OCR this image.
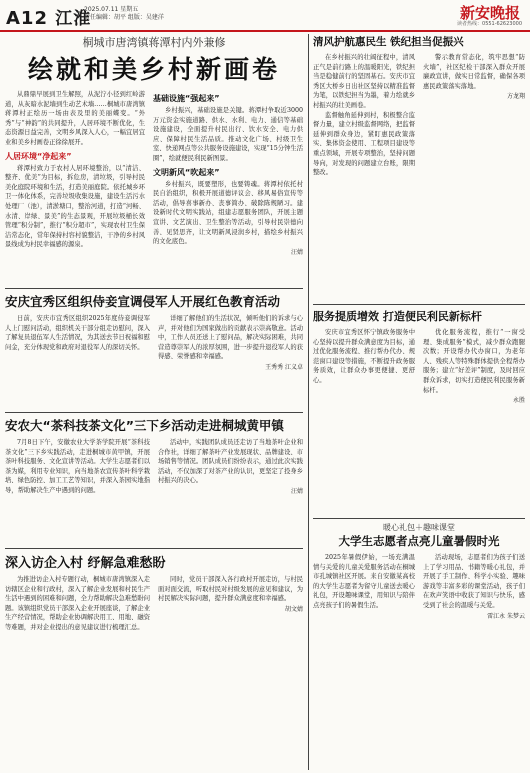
A12 江淮
2025.07.11 星期五
责任编辑：胡平 组版：吴建洋	新安晚报
读者热线：0551-62623000
桐城市唐湾镇蒋潭村内外兼修
绘就和美乡村新画卷

从鼎鼎早展到卫生解照，从泥泞小径到红岭游道，从灰暗水泥墙到生动艺术墙……桐城市唐湾镇蒋潭村正绘历一场由表及里的美丽蝶变。“外秀”与“神韵”的共同提升，人居环境不断优化，生态资源日益完善，文明乡风深入人心，一幅宜居宜业和美乡村画卷正徐徐展开。

人居环境“净起来”

蒋潭村致力于农村人居环境整治，以“清洁、整齐、优美”为目标，拆危房，清垃圾，引导村民美化庭院环境和生活，打造美丽庭院。依托城乡环卫一体化体系，完善垃圾收集设施，建设生活污水处理厂（池），清淤塘口，整治河道，打造“河畅、水清、岸绿、景美”的生态景观，开展垃圾桶长效管理“积分制”，推行“积分超市”，实现农村卫生保洁常态化，常年保持村容村貌整洁，干净的乡村风景线成为村民幸福感的源泉。

基础设施“强起来”

乡村振兴，基础设施是关键。蒋潭村争取近3000万元资金实施道路、供水、水利、电力、通信等基础设施建设，全面提升村民出行、饮水安全、电力供应、保障村民生活品质。推动文化广场、村级卫生室、快递网点等公共服务设施建设，实现“15分钟生活圈”，绘就便民利民新图景。

文明新风“吹起来”

乡村振兴，既要塑形，也要铸魂。蒋潭村依托村民自治组织，积极开展道德评议会、移风易俗宣传等活动，倡导喜事新办、丧事简办、破除陈规陋习。建设新时代文明实践站，组建志愿服务团队，开展主题宣讲、文艺演出、卫生整治等活动，引导村民崇德向善、见贤思齐，让文明新风浸润乡村，描绘乡村振兴的文化底色。

汪婧
安庆宜秀区组织侍妾宣调侵军人开展红色教育活动

日前，安庆市宜秀区组织2025年度侍妾调侵军人上门慰问活动，组织机关干部分组走访慰问，深入了解复员退伍军人生活情况，为其送去节日祝福和慰问金，充分体现党和政府对退役军人的深切关怀。

详细了解他们的生活状况，倾听他们的诉求与心声，并对他们为国家做出的贡献表示崇高敬意。活动中，工作人员还送上了慰问品，解决实际困难，共同营造尊崇军人的浓厚氛围，进一步提升退役军人的获得感、荣誉感和幸福感。

王秀秀 江义卓
安农大“茶科技茶文化”三下乡活动走进桐城黄甲镇

7月8日下午，安徽农业大学茶学院开展“茶科技茶文化”三下乡实践活动，走进桐城市黄甲镇，开展茶叶科技服务、文化宣讲等活动。大学生志愿者们以茶为媒，利用专业知识，向当地茶农宣传茶叶科学栽培、绿色防控、加工工艺等知识，并深入茶园实地指导，帮助解决生产中遇到的问题。

活动中，实践团队成员还走访了当地茶叶企业和合作社，详细了解茶叶产业发展现状、品牌建设、市场销售等情况。团队成员们纷纷表示，通过此次实践活动，不仅加深了对茶产业的认识，更坚定了投身乡村振兴的决心。

汪婧
深入访企入村 纾解急难愁盼

为推进访企入村专题行动，桐城市唐湾镇深入走访辖区企业和行政村，深入了解企业发展和村民生产生活中遇到的困难和问题，全力帮助解决急难愁盼问题。该镇组织党员干部深入企业开展座谈，了解企业生产经营情况，帮助企业协调解决用工、用地、融资等难题，并对企业提出的意见建议进行梳理汇总。

同时，党员干部深入各行政村开展走访，与村民面对面交流，听取村民对村级发展的意见和建议，为村民解决实际问题，提升群众满意度和幸福感。

胡文婧
清风护航惠民生 铁纪担当促振兴

在乡村振兴的壮阔征程中，清风正气是前行路上的温暖阳光，铁纪担当是稳健前行的坚固基石。安庆市宜秀区大桥乡日出社区坚持以精准监督为笔，以铁纪担当为墨，着力绘就乡村振兴的壮美画卷。

监督触角延伸到村，积极整合监督力量，建立村级监督网络，把监督延伸到群众身边，紧盯惠民政策落实、集体资金使用、工程项目建设等重点领域，开展专项整治，坚持问题导向，对发现的问题建立台账，限期整改。

警示教育常态化，筑牢思想“防火墙”，社区纪检干部深入群众开展廉政宣讲，做实日常监督，确保各项惠民政策落实落地。

方龙翔
服务提质增效 打造便民利民新标杆

安庆市宜秀区怀宁镇政务服务中心坚持以提升群众满意度为目标，通过优化服务流程、推行帮办代办、规范窗口建设等措施，不断提升政务服务质效，让群众办事更便捷、更舒心。

优化服务流程，推行“一窗受理、集成服务”模式，减少群众跑腿次数；开设帮办代办窗口，为老年人、残疾人等特殊群体提供全程帮办服务；建立“好差评”制度，及时回应群众诉求，切实打造便民利民服务新标杆。

永胜
暖心礼包＋趣味课堂
大学生志愿者点亮儿童暑假时光

2025年暑假伊始，一场充满温情与关爱的儿童关爱服务活动在桐城市孔城镇社区开展。来自安徽某高校的大学生志愿者为留守儿童送去暖心礼包，开设趣味课堂，用知识与陪伴点亮孩子们的暑假生活。

活动现场，志愿者们为孩子们送上了学习用品、书籍等暖心礼包，并开展了手工制作、科学小实验、趣味游戏等丰富多彩的课堂活动，孩子们在欢声笑语中收获了知识与快乐，感受到了社会的温暖与关爱。

雷江永 朱梦云
